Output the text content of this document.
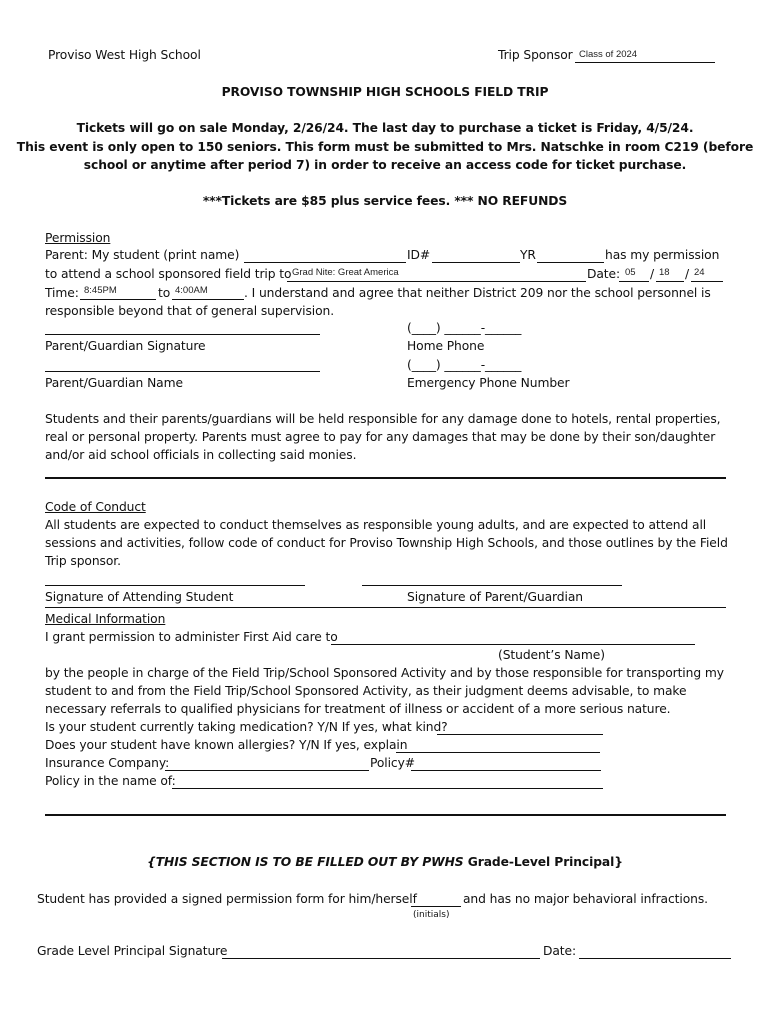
Proviso West High School	Trip Sponsor Class of 2024
PROVISO TOWNSHIP HIGH SCHOOLS FIELD TRIP
Tickets will go on sale Monday, 2/26/24. The last day to purchase a ticket is Friday, 4/5/24.
This event is only open to 150 seniors. This form must be submitted to Mrs. Natschke in room C219 (before
school or anytime after period 7) in order to receive an access code for ticket purchase.
***Tickets are $85 plus service fees. *** NO REFUNDS
Permission
Parent: My student (print name)	ID#	YR	has my permission
to attend a school sponsored field trip to Grad Nite: Great America	Date: 05 / 18 / 24
Time: 8:45PM	to 4:00AM	. I understand and agree that neither District 209 nor the school personnel is
responsible beyond that of general supervision.
(____) ______-______
Parent/Guardian Signature	Home Phone
(____) ______-______
Parent/Guardian Name	Emergency Phone Number
Students and their parents/guardians will be held responsible for any damage done to hotels, rental properties,
real or personal property. Parents must agree to pay for any damages that may be done by their son/daughter
and/or aid school officials in collecting said monies.
Code of Conduct
All students are expected to conduct themselves as responsible young adults, and are expected to attend all
sessions and activities, follow code of conduct for Proviso Township High Schools, and those outlines by the Field
Trip sponsor.
Signature of Attending Student	Signature of Parent/Guardian
Medical Information
I grant permission to administer First Aid care to
(Student’s Name)
by the people in charge of the Field Trip/School Sponsored Activity and by those responsible for transporting my
student to and from the Field Trip/School Sponsored Activity, as their judgment deems advisable, to make
necessary referrals to qualified physicians for treatment of illness or accident of a more serious nature.
Is your student currently taking medication? Y/N If yes, what kind?
Does your student have known allergies? Y/N If yes, explain
Insurance Company:	Policy#
Policy in the name of:
{THIS SECTION IS TO BE FILLED OUT BY PWHS Grade-Level Principal}
Student has provided a signed permission form for him/herself	and has no major behavioral infractions.
(initials)
Grade Level Principal Signature	Date:
